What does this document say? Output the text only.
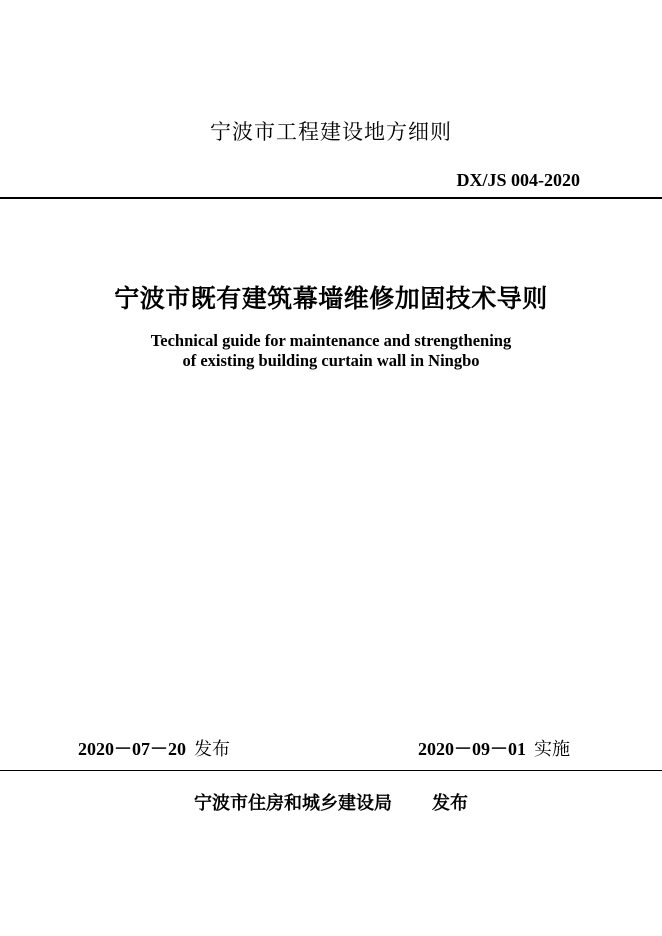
宁波市工程建设地方细则
DX/JS 004-2020
宁波市既有建筑幕墙维修加固技术导则
Technical guide for maintenance and strengthening
of existing building curtain wall in Ningbo
2020－07－20 发布	2020－09－01 实施
宁波市住房和城乡建设局 发布
